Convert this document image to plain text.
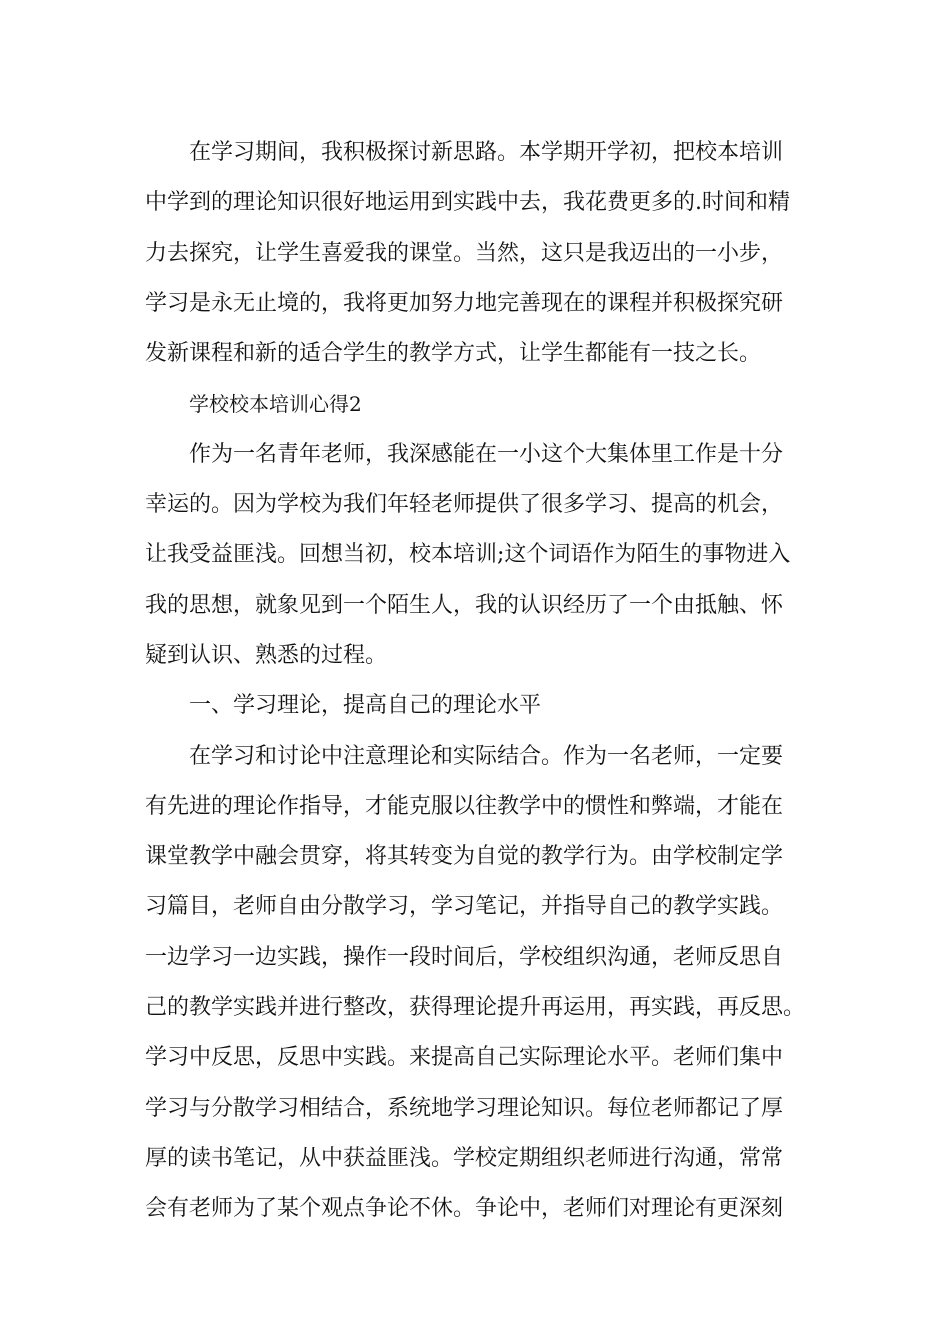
在学习期间，我积极探讨新思路。本学期开学初，把校本培训
中学到的理论知识很好地运用到实践中去，我花费更多的.时间和精
力去探究，让学生喜爱我的课堂。当然，这只是我迈出的一小步，
学习是永无止境的，我将更加努力地完善现在的课程并积极探究研
发新课程和新的适合学生的教学方式，让学生都能有一技之长。
学校校本培训心得2
作为一名青年老师，我深感能在一小这个大集体里工作是十分
幸运的。因为学校为我们年轻老师提供了很多学习、提高的机会，
让我受益匪浅。回想当初，校本培训;这个词语作为陌生的事物进入
我的思想，就象见到一个陌生人，我的认识经历了一个由抵触、怀
疑到认识、熟悉的过程。
一、学习理论，提高自己的理论水平
在学习和讨论中注意理论和实际结合。作为一名老师，一定要
有先进的理论作指导，才能克服以往教学中的惯性和弊端，才能在
课堂教学中融会贯穿，将其转变为自觉的教学行为。由学校制定学
习篇目，老师自由分散学习，学习笔记，并指导自己的教学实践。
一边学习一边实践，操作一段时间后，学校组织沟通，老师反思自
己的教学实践并进行整改，获得理论提升再运用，再实践，再反思。
学习中反思，反思中实践。来提高自己实际理论水平。老师们集中
学习与分散学习相结合，系统地学习理论知识。每位老师都记了厚
厚的读书笔记，从中获益匪浅。学校定期组织老师进行沟通，常常
会有老师为了某个观点争论不休。争论中，老师们对理论有更深刻
